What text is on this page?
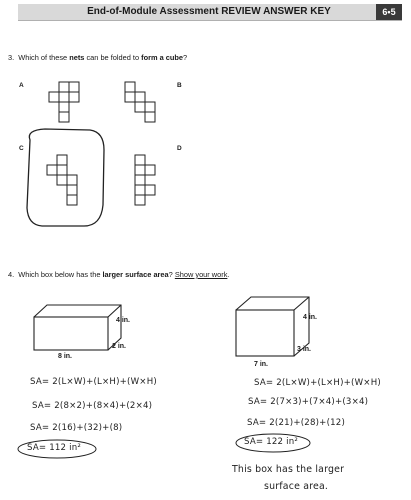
End-of-Module Assessment REVIEW ANSWER KEY	6•5
3. Which of these nets can be folded to form a cube?
A	B
C	D
4. Which box below has the larger surface area? Show your work.
4 in.
2 in.
8 in.
4 in.
3 in.
7 in.
SA= 2(L×W)+(L×H)+(W×H)
SA= 2(8×2)+(8×4)+(2×4)
SA= 2(16)+(32)+(8)
SA= 112 in²
SA= 2(L×W)+(L×H)+(W×H)
SA= 2(7×3)+(7×4)+(3×4)
SA= 2(21)+(28)+(12)
SA= 122 in²
This box has the larger
surface area.
